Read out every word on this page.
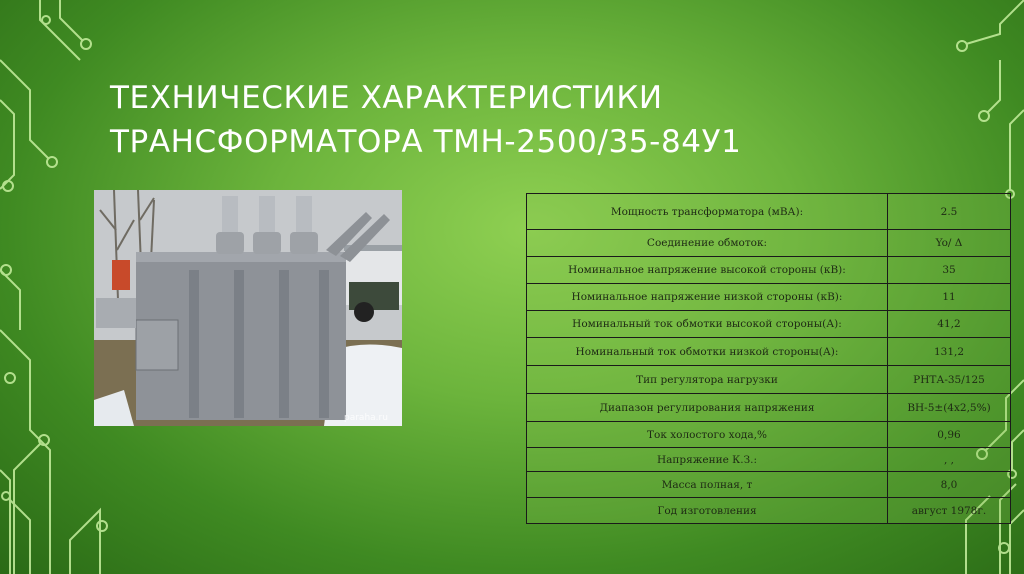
ТЕХНИЧЕСКИЕ ХАРАКТЕРИСТИКИ
ТРАНСФОРМАТОРА ТМН-2500/35-84У1
paraha.ru
Мощность трансформатора (мВА):	2.5
Соединение обмоток:	Yo/ Δ
Номинальное напряжение высокой стороны (кВ):	35
Номинальное напряжение низкой стороны (кВ):	11
Номинальный ток обмотки высокой стороны(А):	41,2
Номинальный ток обмотки низкой стороны(А):	131,2
Тип регулятора нагрузки	РНТА-35/125
Диапазон регулирования напряжения	ВН-5±(4х2,5%)
Ток холостого хода,%	0,96
Напряжение К.З.:	, ,
Масса полная, т	8,0
Год изготовления	август 1978г.
